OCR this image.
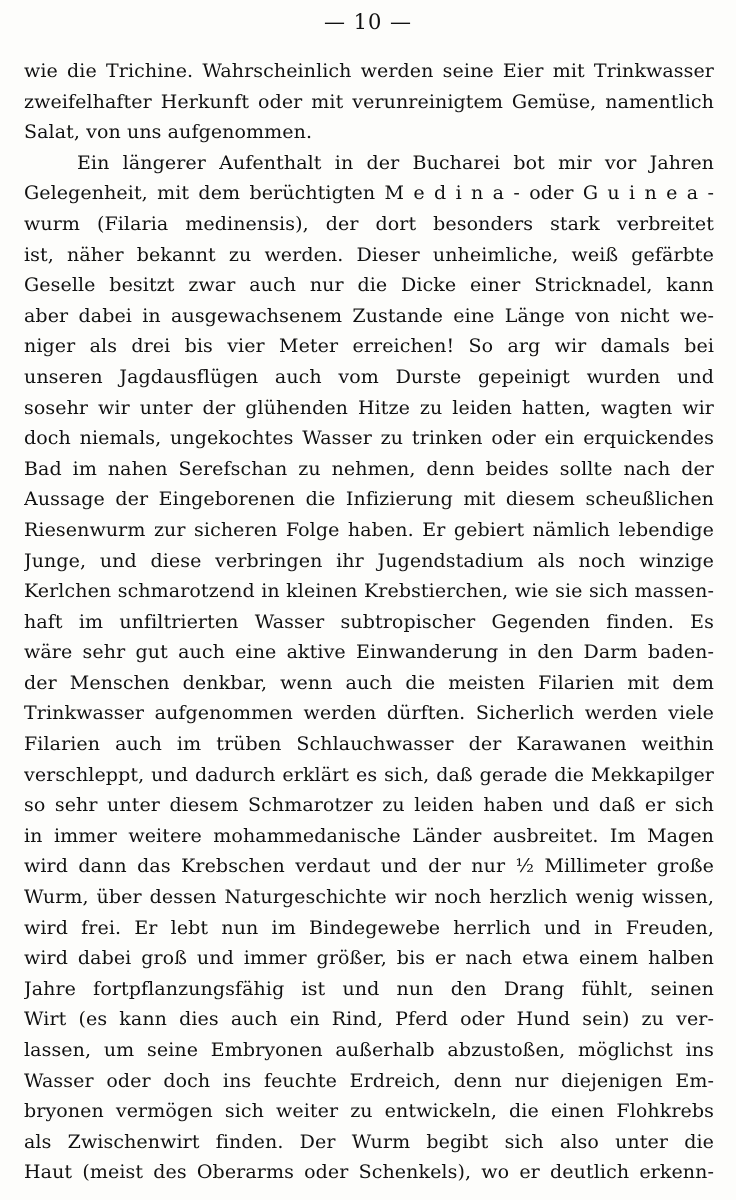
— 10 —
wie die Trichine. Wahrscheinlich werden seine Eier mit Trinkwasser
zweifelhafter Herkunft oder mit verunreinigtem Gemüse, namentlich
Salat, von uns aufgenommen.
Ein längerer Aufenthalt in der Bucharei bot mir vor Jahren
Gelegenheit, mit dem berüchtigten M e d i n a - oder G u i n e a -
wurm (Filaria medinensis), der dort besonders stark verbreitet
ist, näher bekannt zu werden. Dieser unheimliche, weiß gefärbte
Geselle besitzt zwar auch nur die Dicke einer Stricknadel, kann
aber dabei in ausgewachsenem Zustande eine Länge von nicht we-
niger als drei bis vier Meter erreichen! So arg wir damals bei
unseren Jagdausflügen auch vom Durste gepeinigt wurden und
sosehr wir unter der glühenden Hitze zu leiden hatten, wagten wir
doch niemals, ungekochtes Wasser zu trinken oder ein erquickendes
Bad im nahen Serefschan zu nehmen, denn beides sollte nach der
Aussage der Eingeborenen die Infizierung mit diesem scheußlichen
Riesenwurm zur sicheren Folge haben. Er gebiert nämlich lebendige
Junge, und diese verbringen ihr Jugendstadium als noch winzige
Kerlchen schmarotzend in kleinen Krebstierchen, wie sie sich massen-
haft im unfiltrierten Wasser subtropischer Gegenden finden. Es
wäre sehr gut auch eine aktive Einwanderung in den Darm baden-
der Menschen denkbar, wenn auch die meisten Filarien mit dem
Trinkwasser aufgenommen werden dürften. Sicherlich werden viele
Filarien auch im trüben Schlauchwasser der Karawanen weithin
verschleppt, und dadurch erklärt es sich, daß gerade die Mekkapilger
so sehr unter diesem Schmarotzer zu leiden haben und daß er sich
in immer weitere mohammedanische Länder ausbreitet. Im Magen
wird dann das Krebschen verdaut und der nur ½ Millimeter große
Wurm, über dessen Naturgeschichte wir noch herzlich wenig wissen,
wird frei. Er lebt nun im Bindegewebe herrlich und in Freuden,
wird dabei groß und immer größer, bis er nach etwa einem halben
Jahre fortpflanzungsfähig ist und nun den Drang fühlt, seinen
Wirt (es kann dies auch ein Rind, Pferd oder Hund sein) zu ver-
lassen, um seine Embryonen außerhalb abzustoßen, möglichst ins
Wasser oder doch ins feuchte Erdreich, denn nur diejenigen Em-
bryonen vermögen sich weiter zu entwickeln, die einen Flohkrebs
als Zwischenwirt finden. Der Wurm begibt sich also unter die
Haut (meist des Oberarms oder Schenkels), wo er deutlich erkenn-
